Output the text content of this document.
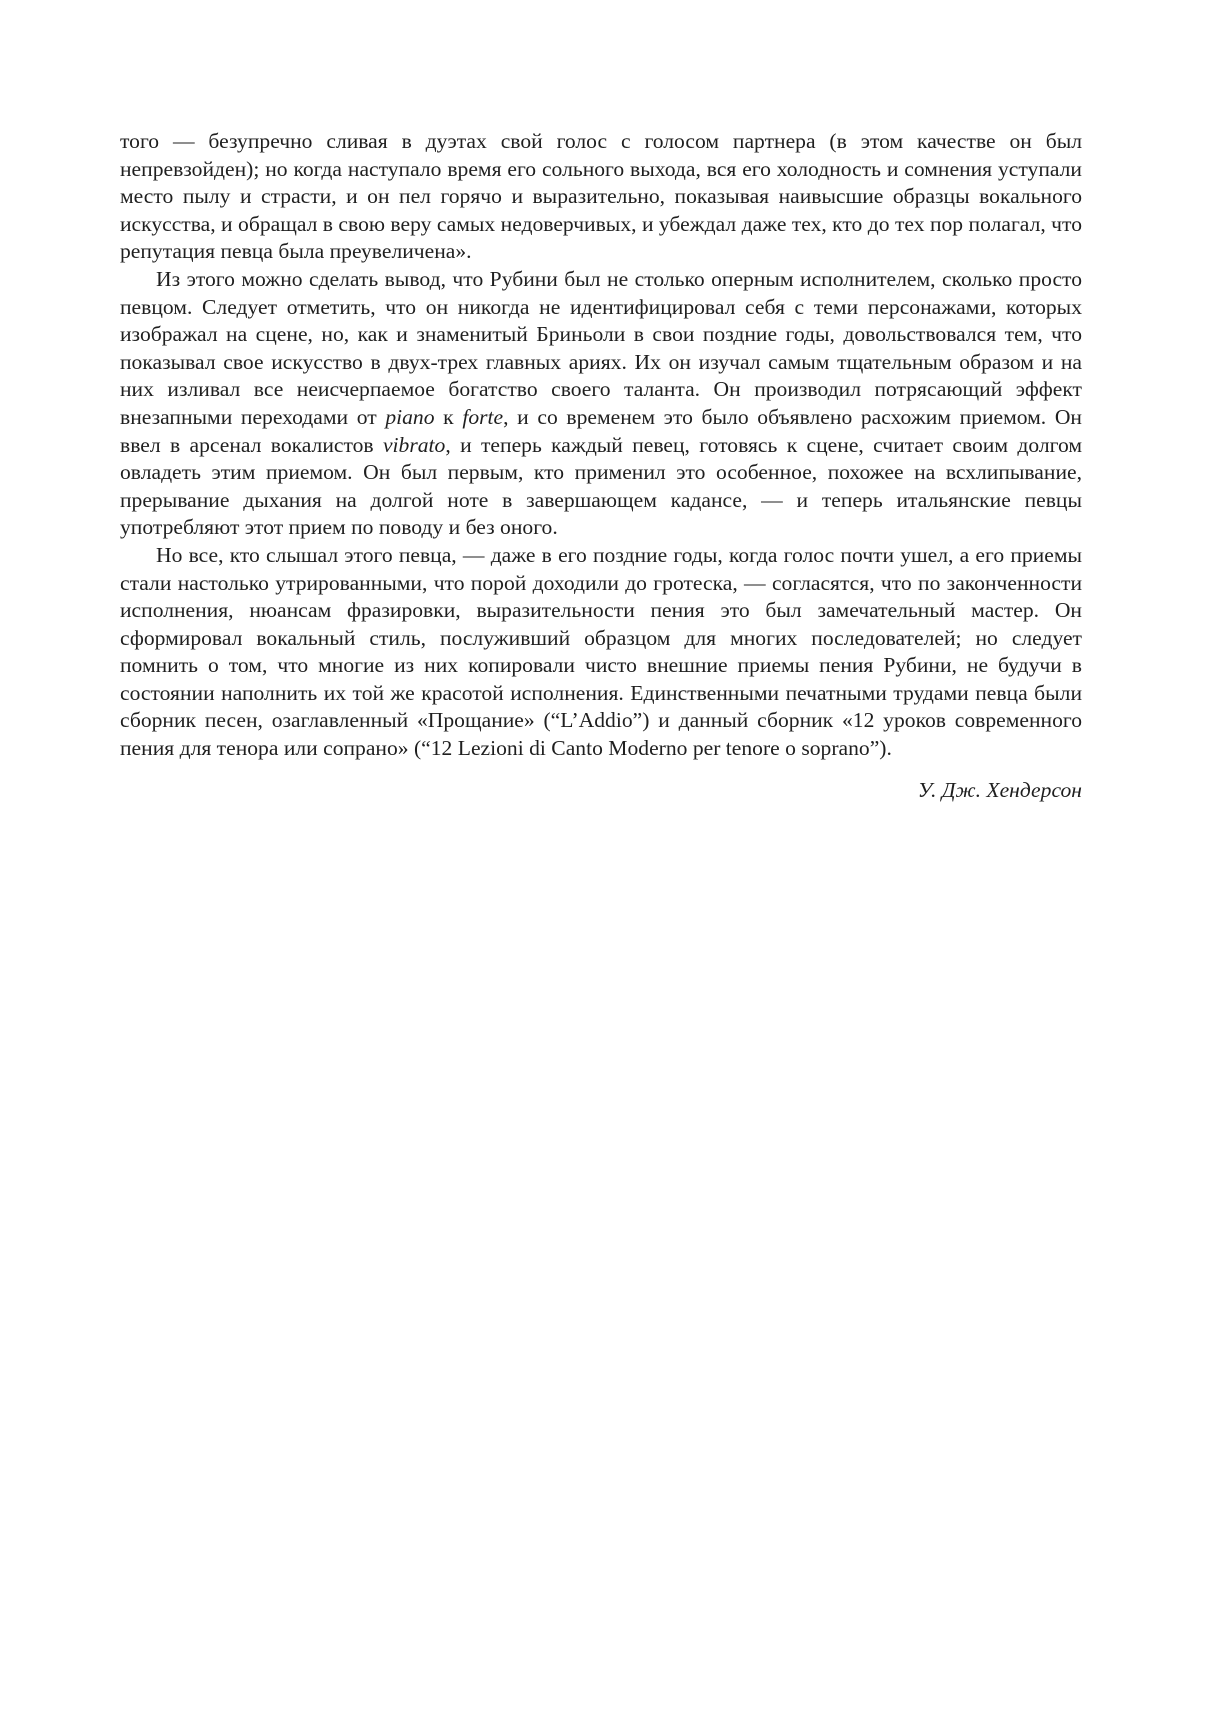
того — безупречно сливая в дуэтах свой голос с голосом партнера (в этом качестве он был непревзойден); но когда наступало время его сольного выхода, вся его холодность и сомнения уступали место пылу и страсти, и он пел горячо и выразительно, показывая наивысшие образцы вокального искусства, и обращал в свою веру самых недоверчивых, и убеждал даже тех, кто до тех пор полагал, что репутация певца была преувеличена».

Из этого можно сделать вывод, что Рубини был не столько оперным исполнителем, сколько просто певцом. Следует отметить, что он никогда не идентифицировал себя с теми персонажами, которых изображал на сцене, но, как и знаменитый Бриньоли в свои поздние годы, довольствовался тем, что показывал свое искусство в двух-трех главных ариях. Их он изучал самым тщательным образом и на них изливал все неисчерпаемое богатство своего таланта. Он производил потрясающий эффект внезапными переходами от piano к forte, и со временем это было объявлено расхожим приемом. Он ввел в арсенал вокалистов vibrato, и теперь каждый певец, готовясь к сцене, считает своим долгом овладеть этим приемом. Он был первым, кто применил это особенное, похожее на всхлипывание, прерывание дыхания на долгой ноте в завершающем кадансе, — и теперь итальянские певцы употребляют этот прием по поводу и без оного.

Но все, кто слышал этого певца, — даже в его поздние годы, когда голос почти ушел, а его приемы стали настолько утрированными, что порой доходили до гротеска, — согласятся, что по законченности исполнения, нюансам фразировки, выразительности пения это был замечательный мастер. Он сформировал вокальный стиль, послуживший образцом для многих последователей; но следует помнить о том, что многие из них копировали чисто внешние приемы пения Рубини, не будучи в состоянии наполнить их той же красотой исполнения. Единственными печатными трудами певца были сборник песен, озаглавленный «Прощание» (“L’Addio”) и данный сборник «12 уроков современного пения для тенора или сопрано» (“12 Lezioni di Canto Moderno per tenore o soprano”).

У. Дж. Хендерсон
